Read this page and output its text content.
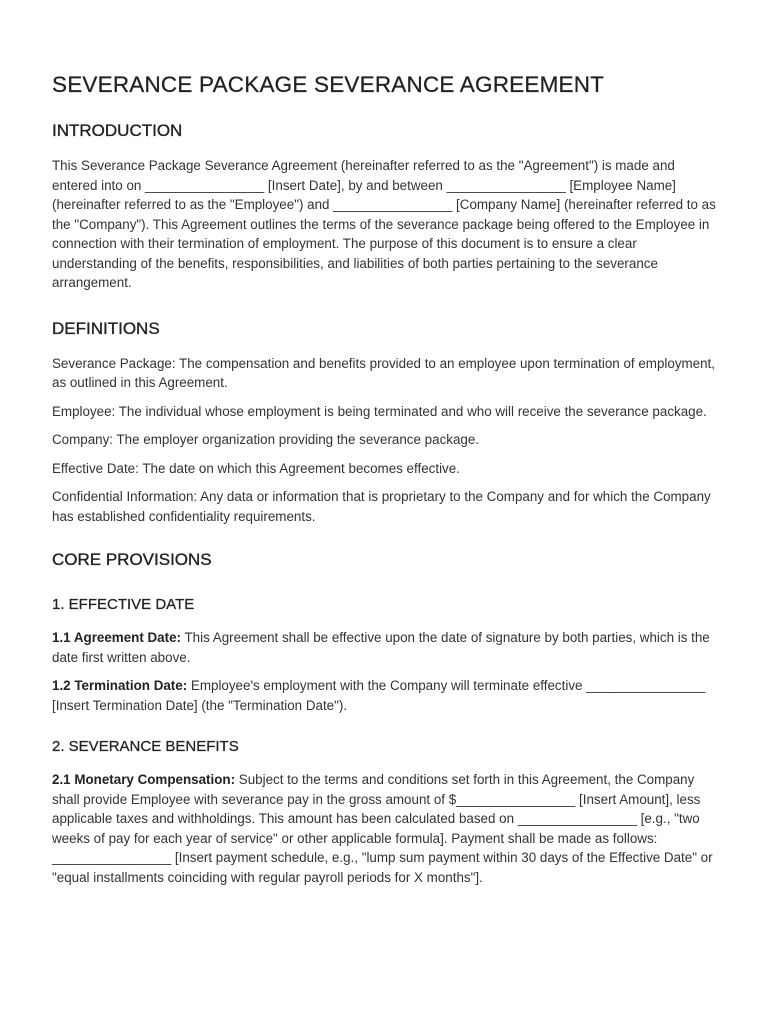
SEVERANCE PACKAGE SEVERANCE AGREEMENT
INTRODUCTION

This Severance Package Severance Agreement (hereinafter referred to as the "Agreement") is made and entered into on ________________ [Insert Date], by and between ________________ [Employee Name] (hereinafter referred to as the "Employee") and ________________ [Company Name] (hereinafter referred to as the "Company"). This Agreement outlines the terms of the severance package being offered to the Employee in connection with their termination of employment. The purpose of this document is to ensure a clear understanding of the benefits, responsibilities, and liabilities of both parties pertaining to the severance arrangement.

DEFINITIONS

Severance Package: The compensation and benefits provided to an employee upon termination of employment, as outlined in this Agreement.

Employee: The individual whose employment is being terminated and who will receive the severance package.

Company: The employer organization providing the severance package.

Effective Date: The date on which this Agreement becomes effective.

Confidential Information: Any data or information that is proprietary to the Company and for which the Company has established confidentiality requirements.

CORE PROVISIONS
1. EFFECTIVE DATE

1.1 Agreement Date: This Agreement shall be effective upon the date of signature by both parties, which is the date first written above.

1.2 Termination Date: Employee's employment with the Company will terminate effective ________________ [Insert Termination Date] (the "Termination Date").

2. SEVERANCE BENEFITS

2.1 Monetary Compensation: Subject to the terms and conditions set forth in this Agreement, the Company shall provide Employee with severance pay in the gross amount of $________________ [Insert Amount], less applicable taxes and withholdings. This amount has been calculated based on ________________ [e.g., "two weeks of pay for each year of service" or other applicable formula]. Payment shall be made as follows: ________________ [Insert payment schedule, e.g., "lump sum payment within 30 days of the Effective Date" or "equal installments coinciding with regular payroll periods for X months"].
